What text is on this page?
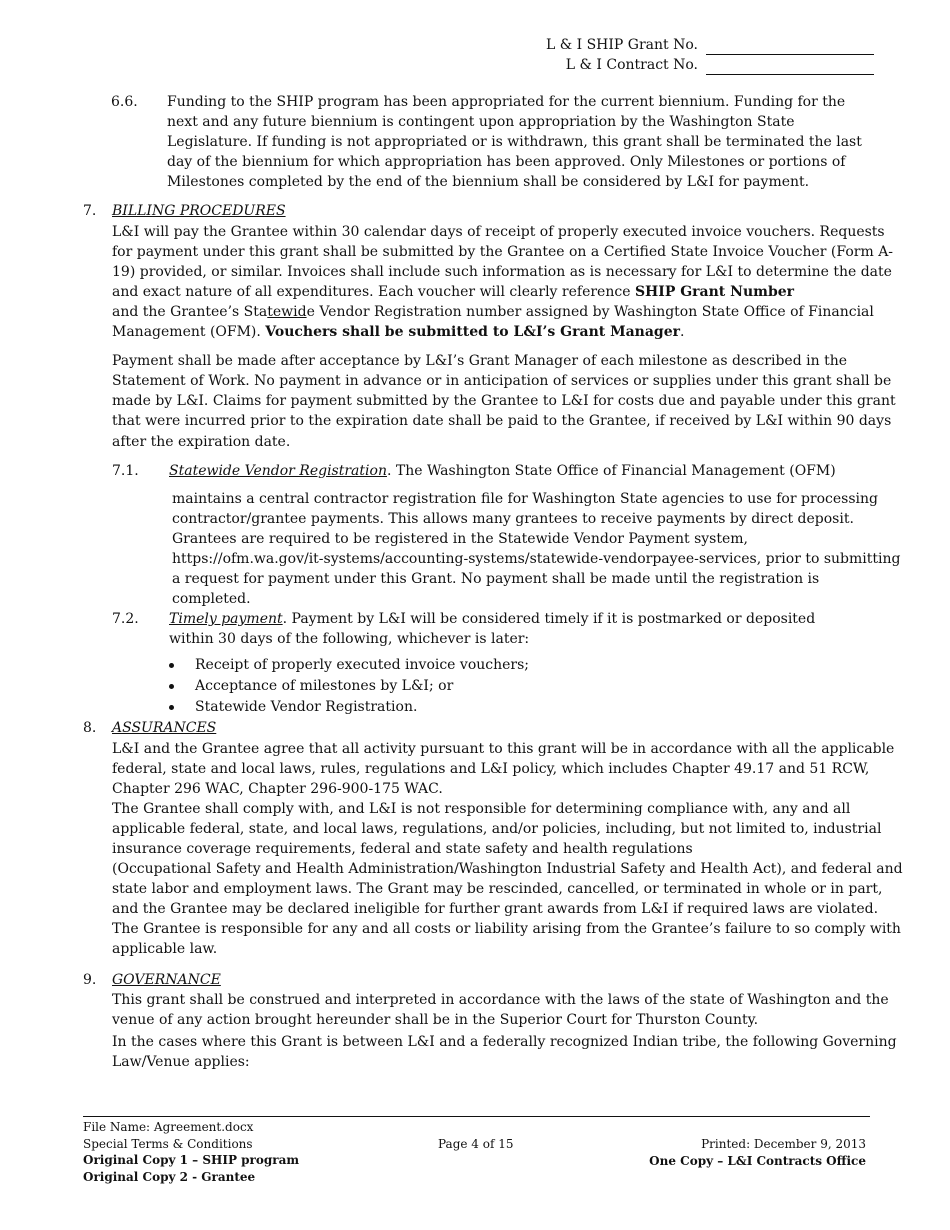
L & I SHIP Grant No.
L & I Contract No.
6.6. Funding to the SHIP program has been appropriated for the current biennium. Funding for the next and any future biennium is contingent upon appropriation by the Washington State Legislature. If funding is not appropriated or is withdrawn, this grant shall be terminated the last day of the biennium for which appropriation has been approved. Only Milestones or portions of Milestones completed by the end of the biennium shall be considered by L&I for payment.

7. BILLING PROCEDURES

L&I will pay the Grantee within 30 calendar days of receipt of properly executed invoice vouchers. Requests for payment under this grant shall be submitted by the Grantee on a Certified State Invoice Voucher (Form A-19) provided, or similar. Invoices shall include such information as is necessary for L&I to determine the date and exact nature of all expenditures. Each voucher will clearly reference SHIP Grant Number
and the Grantee’s Statewide Vendor Registration number assigned by Washington State Office of Financial Management (OFM). Vouchers shall be submitted to L&I’s Grant Manager.

Payment shall be made after acceptance by L&I’s Grant Manager of each milestone as described in the Statement of Work. No payment in advance or in anticipation of services or supplies under this grant shall be made by L&I. Claims for payment submitted by the Grantee to L&I for costs due and payable under this grant that were incurred prior to the expiration date shall be paid to the Grantee, if received by L&I within 90 days after the expiration date.

7.1. Statewide Vendor Registration. The Washington State Office of Financial Management (OFM)

maintains a central contractor registration file for Washington State agencies to use for processing contractor/grantee payments. This allows many grantees to receive payments by direct deposit. Grantees are required to be registered in the Statewide Vendor Payment system, https://ofm.wa.gov/it-systems/accounting-systems/statewide-vendorpayee-services, prior to submitting a request for payment under this Grant. No payment shall be made until the registration is completed.

7.2. Timely payment. Payment by L&I will be considered timely if it is postmarked or deposited within 30 days of the following, whichever is later:

Receipt of properly executed invoice vouchers;
Acceptance of milestones by L&I; or
Statewide Vendor Registration.
8. ASSURANCES

L&I and the Grantee agree that all activity pursuant to this grant will be in accordance with all the applicable federal, state and local laws, rules, regulations and L&I policy, which includes Chapter 49.17 and 51 RCW, Chapter 296 WAC, Chapter 296-900-175 WAC.

The Grantee shall comply with, and L&I is not responsible for determining compliance with, any and all applicable federal, state, and local laws, regulations, and/or policies, including, but not limited to, industrial insurance coverage requirements, federal and state safety and health regulations

(Occupational Safety and Health Administration/Washington Industrial Safety and Health Act), and federal and state labor and employment laws. The Grant may be rescinded, cancelled, or terminated in whole or in part, and the Grantee may be declared ineligible for further grant awards from L&I if required laws are violated. The Grantee is responsible for any and all costs or liability arising from the Grantee’s failure to so comply with applicable law.

9. GOVERNANCE

This grant shall be construed and interpreted in accordance with the laws of the state of Washington and the venue of any action brought hereunder shall be in the Superior Court for Thurston County.

In the cases where this Grant is between L&I and a federally recognized Indian tribe, the following Governing Law/Venue applies:

File Name: Agreement.docx
Special Terms & Conditions
Original Copy 1 – SHIP program
Original Copy 2 - Grantee
Page 4 of 15	Printed: December 9, 2013
One Copy – L&I Contracts Office
